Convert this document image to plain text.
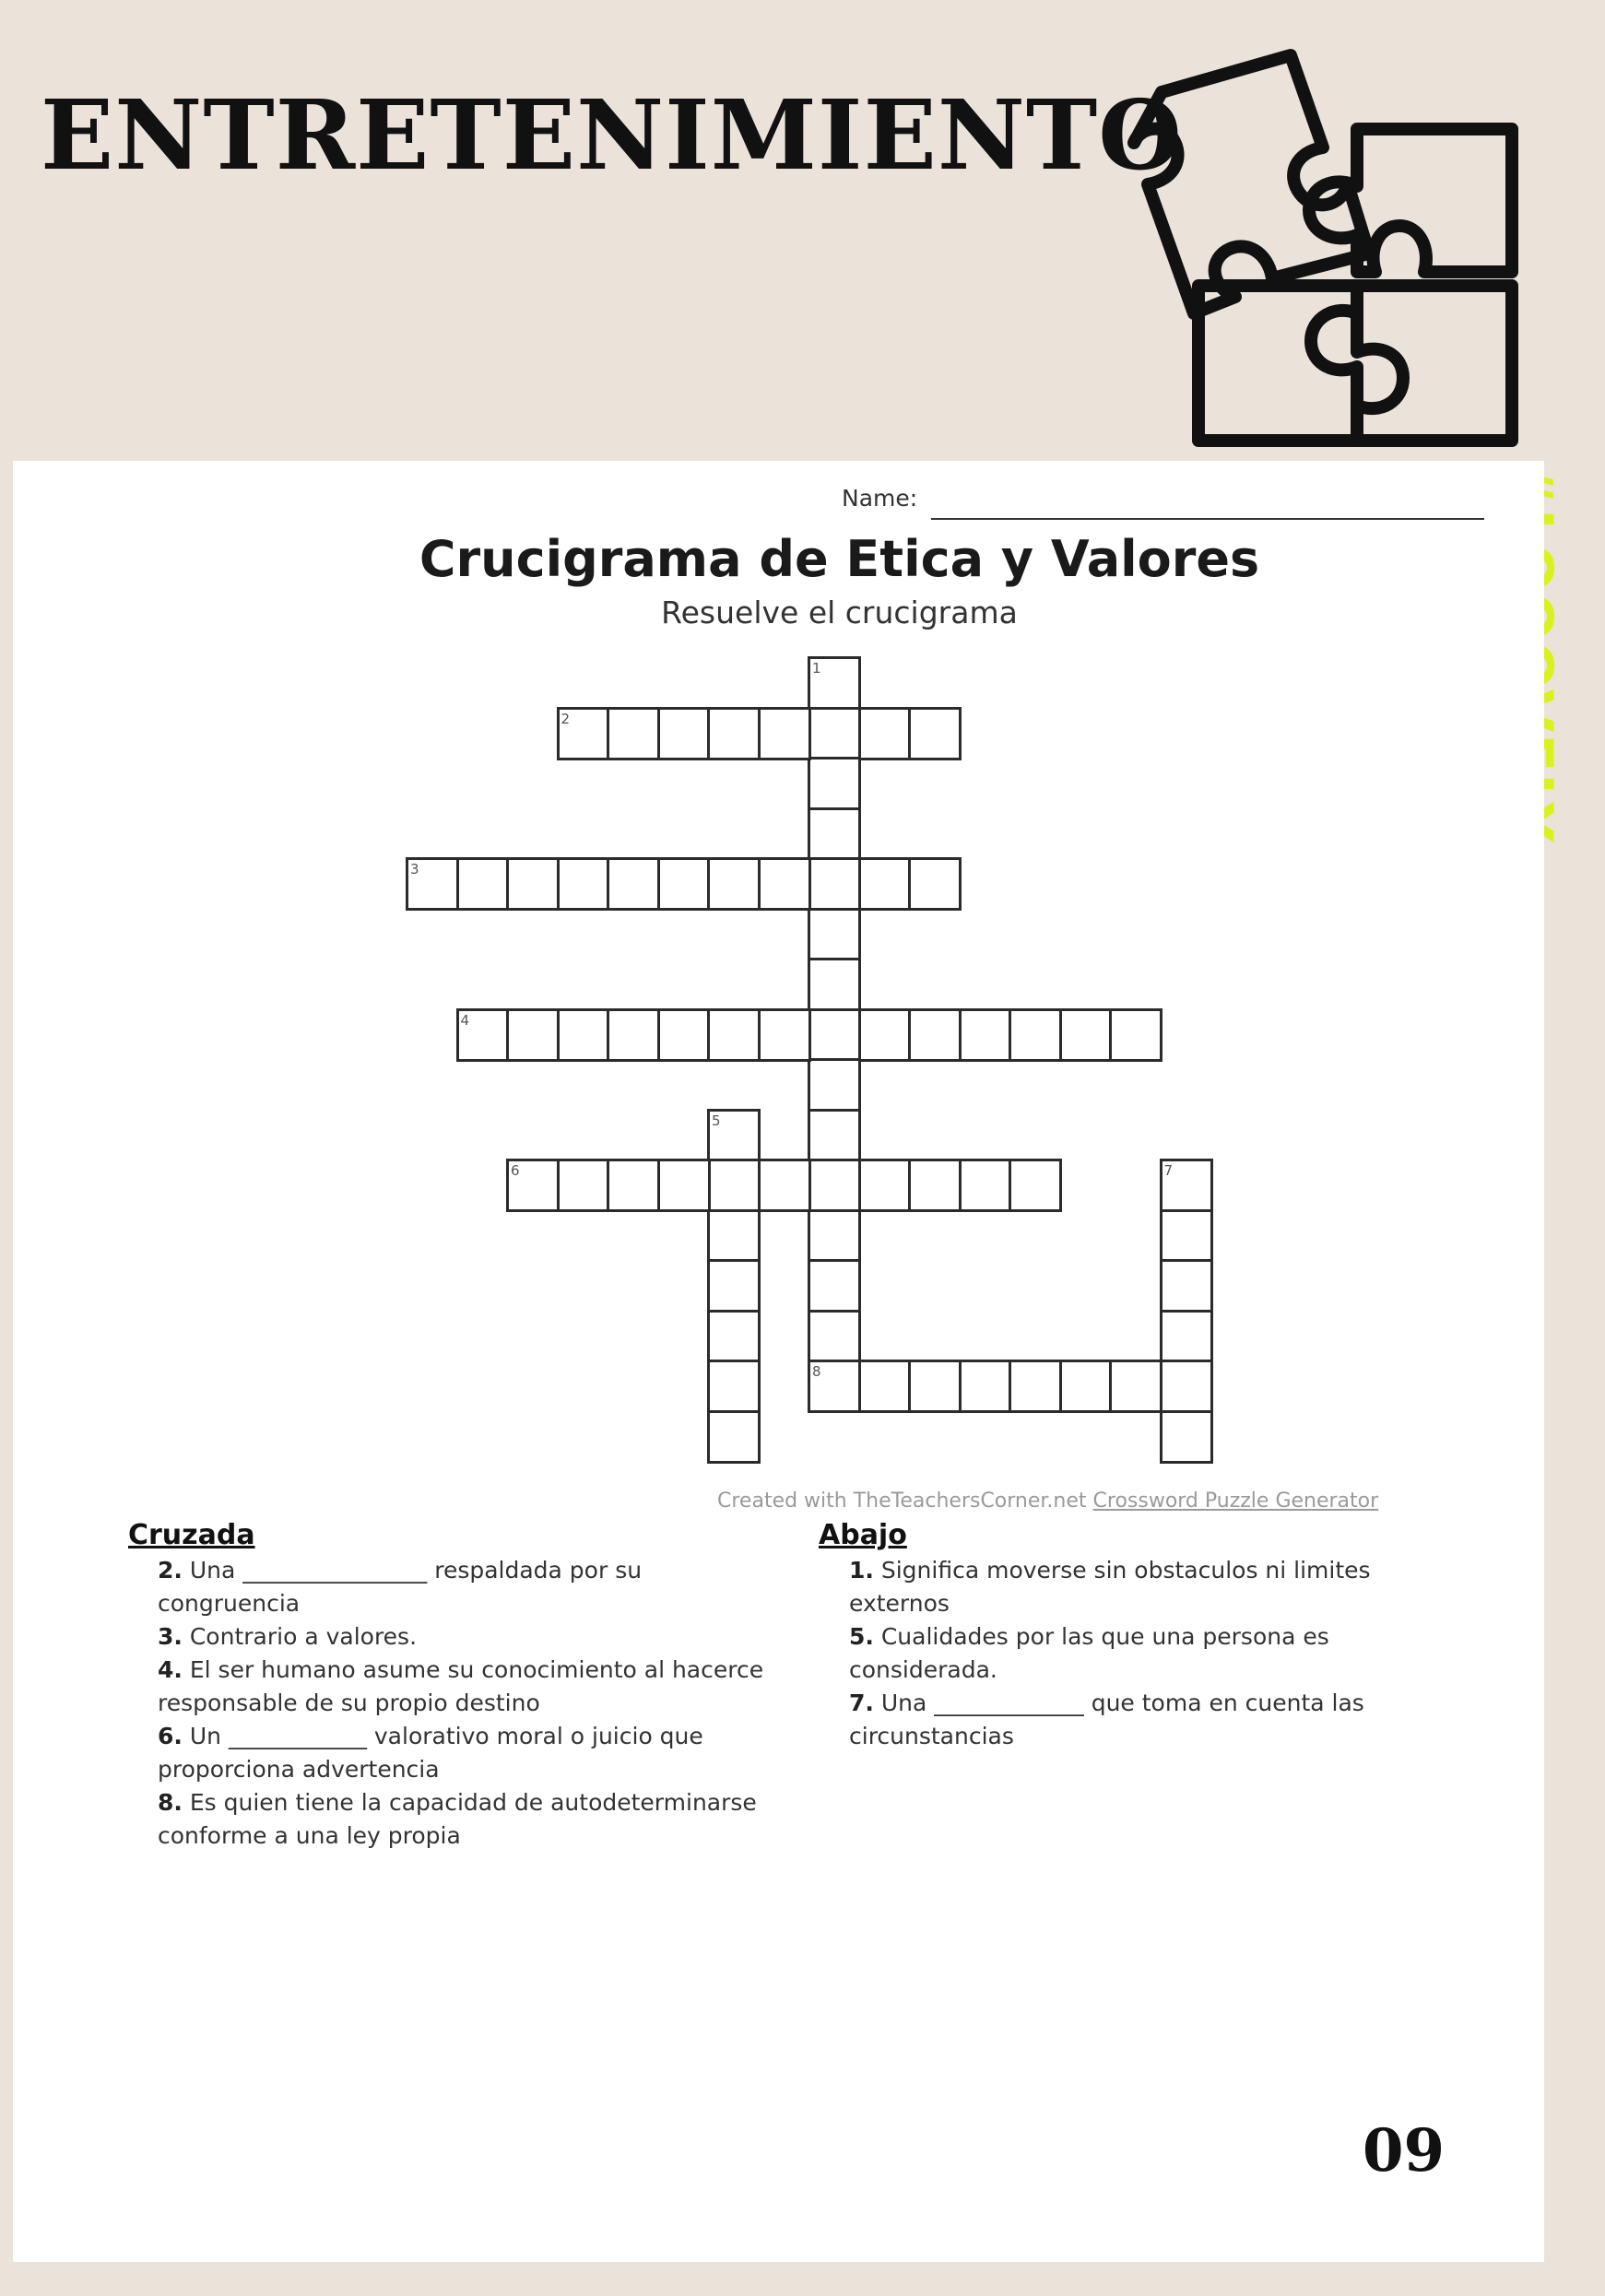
ENTRETENIMIENTO
Name:
Crucigrama de Etica y Valores
Resuelve el crucigrama
1
8
2
3
4
5
6	7
Created with TheTeachersCorner.net Crossword Puzzle Generator
Cruzada

2. Una ________________ respaldada por su congruencia

3. Contrario a valores.

4. El ser humano asume su conocimiento al hacerce responsable de su propio destino

6. Un ____________ valorativo moral o juicio que proporciona advertencia

8. Es quien tiene la capacidad de autodeterminarse conforme a una ley propia

Abajo

1. Significa moverse sin obstaculos ni limites externos

5. Cualidades por las que una persona es considerada.

7. Una _____________ que toma en cuenta las circunstancias

09
